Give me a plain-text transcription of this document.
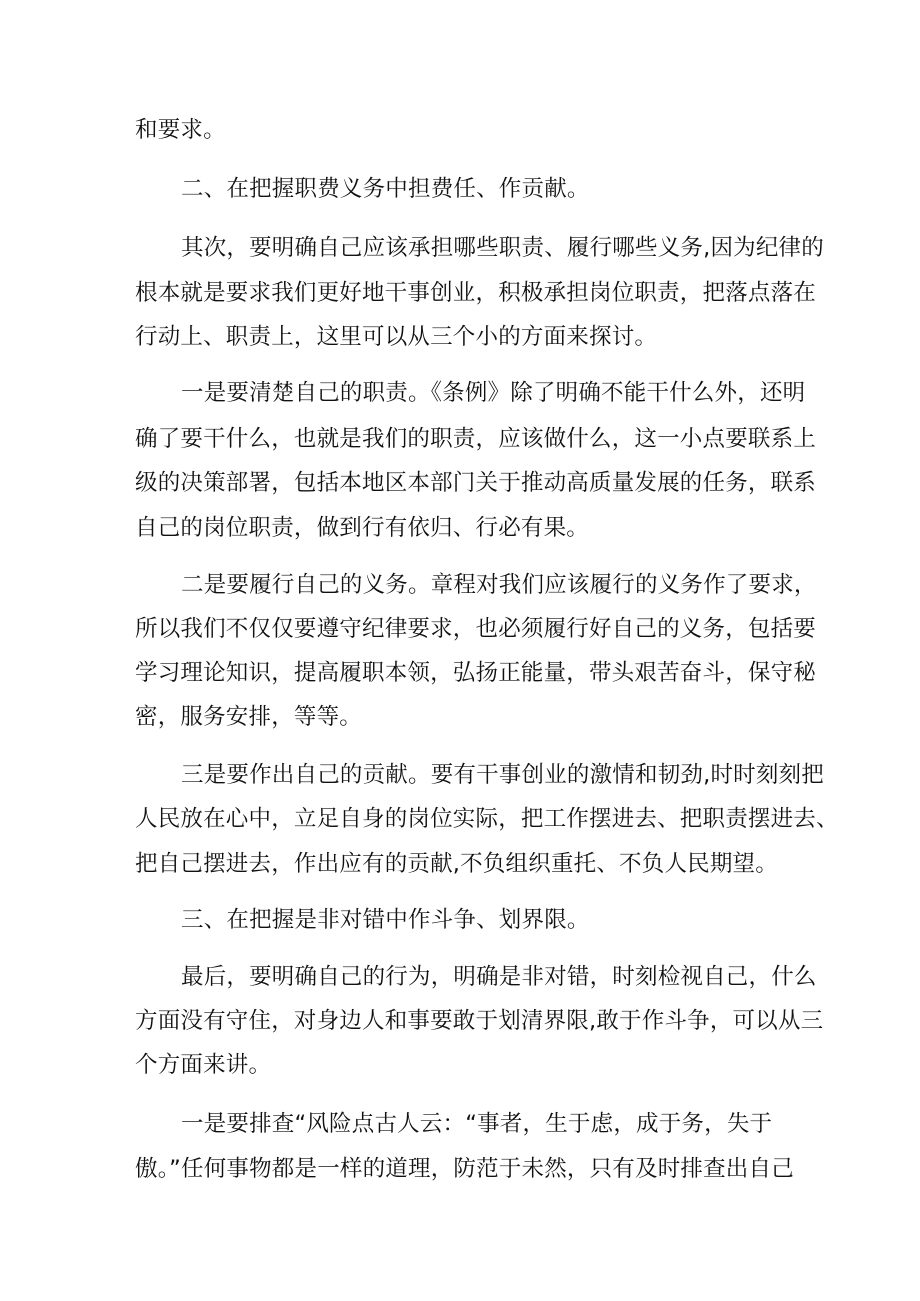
和要求。
二、在把握职费义务中担费任、作贡献。
其次，要明确自己应该承担哪些职责、履行哪些义务,因为纪律的
根本就是要求我们更好地干事创业，积极承担岗位职责，把落点落在
行动上、职责上，这里可以从三个小的方面来探讨。
一是要清楚自己的职责。《条例》除了明确不能干什么外，还明
确了要干什么，也就是我们的职责，应该做什么，这一小点要联系上
级的决策部署，包括本地区本部门关于推动高质量发展的任务，联系
自己的岗位职责，做到行有依归、行必有果。
二是要履行自己的义务。章程对我们应该履行的义务作了要求，
所以我们不仅仅要遵守纪律要求，也必须履行好自己的义务，包括要
学习理论知识，提高履职本领，弘扬正能量，带头艰苦奋斗，保守秘
密，服务安排，等等。
三是要作出自己的贡献。要有干事创业的激情和韧劲,时时刻刻把
人民放在心中，立足自身的岗位实际，把工作摆进去、把职责摆进去、
把自己摆进去，作出应有的贡献,不负组织重托、不负人民期望。
三、在把握是非对错中作斗争、划界限。
最后，要明确自己的行为，明确是非对错，时刻检视自己，什么
方面没有守住，对身边人和事要敢于划清界限,敢于作斗争，可以从三
个方面来讲。
一是要排查“风险点古人云：“事者，生于虑，成于务，失于
傲。”任何事物都是一样的道理，防范于未然，只有及时排查出自己
